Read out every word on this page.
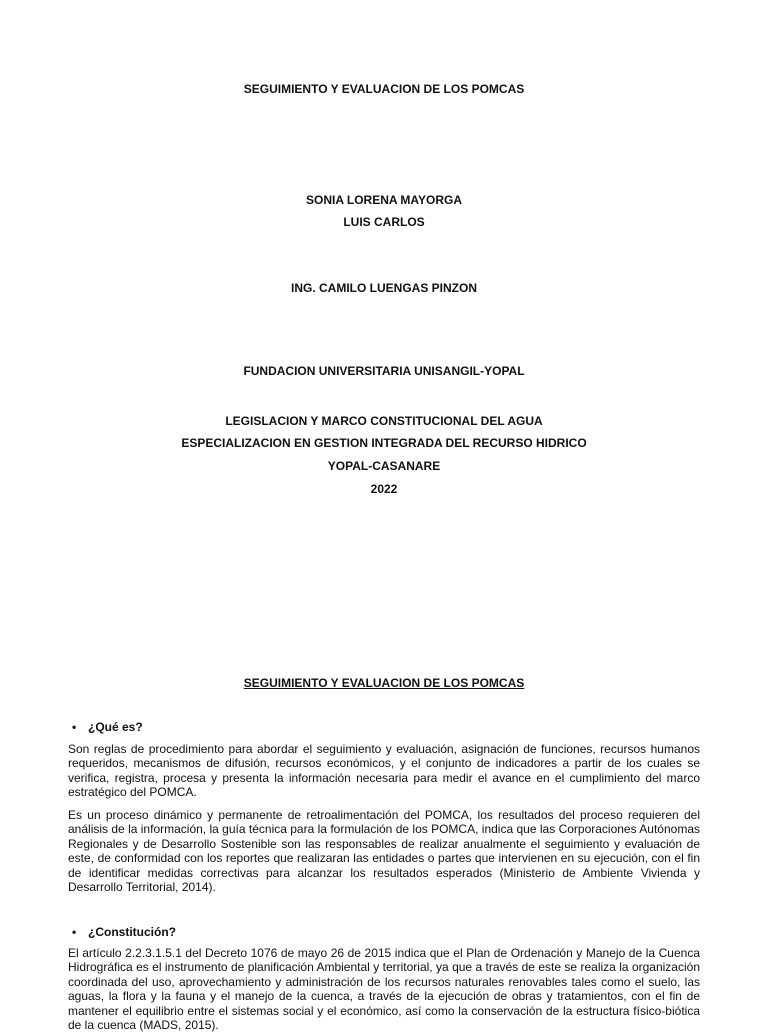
SEGUIMIENTO Y EVALUACION DE LOS POMCAS
SONIA LORENA MAYORGA
LUIS CARLOS
ING. CAMILO LUENGAS PINZON
FUNDACION UNIVERSITARIA UNISANGIL-YOPAL
LEGISLACION Y MARCO CONSTITUCIONAL DEL AGUA
ESPECIALIZACION EN GESTION INTEGRADA DEL RECURSO HIDRICO
YOPAL-CASANARE
2022
SEGUIMIENTO Y EVALUACION DE LOS POMCAS
• ¿Qué es?

Son reglas de procedimiento para abordar el seguimiento y evaluación, asignación de funciones, recursos humanos requeridos, mecanismos de difusión, recursos económicos, y el conjunto de indicadores a partir de los cuales se verifica, registra, procesa y presenta la información necesaria para medir el avance en el cumplimiento del marco estratégico del POMCA.

Es un proceso dinámico y permanente de retroalimentación del POMCA, los resultados del proceso requieren del análisis de la información, la guía técnica para la formulación de los POMCA, indica que las Corporaciones Autónomas Regionales y de Desarrollo Sostenible son las responsables de realizar anualmente el seguimiento y evaluación de este, de conformidad con los reportes que realizaran las entidades o partes que intervienen en su ejecución, con el fin de identificar medidas correctivas para alcanzar los resultados esperados (Ministerio de Ambiente Vivienda y Desarrollo Territorial, 2014).

• ¿Constitución?

El artículo 2.2.3.1.5.1 del Decreto 1076 de mayo 26 de 2015 indica que el Plan de Ordenación y Manejo de la Cuenca Hidrográfica es el instrumento de planificación Ambiental y territorial, ya que a través de este se realiza la organización coordinada del uso, aprovechamiento y administración de los recursos naturales renovables tales como el suelo, las aguas, la flora y la fauna y el manejo de la cuenca, a través de la ejecución de obras y tratamientos, con el fin de mantener el equilibrio entre el sistemas social y el económico, así como la conservación de la estructura físico-biótica de la cuenca (MADS, 2015).
